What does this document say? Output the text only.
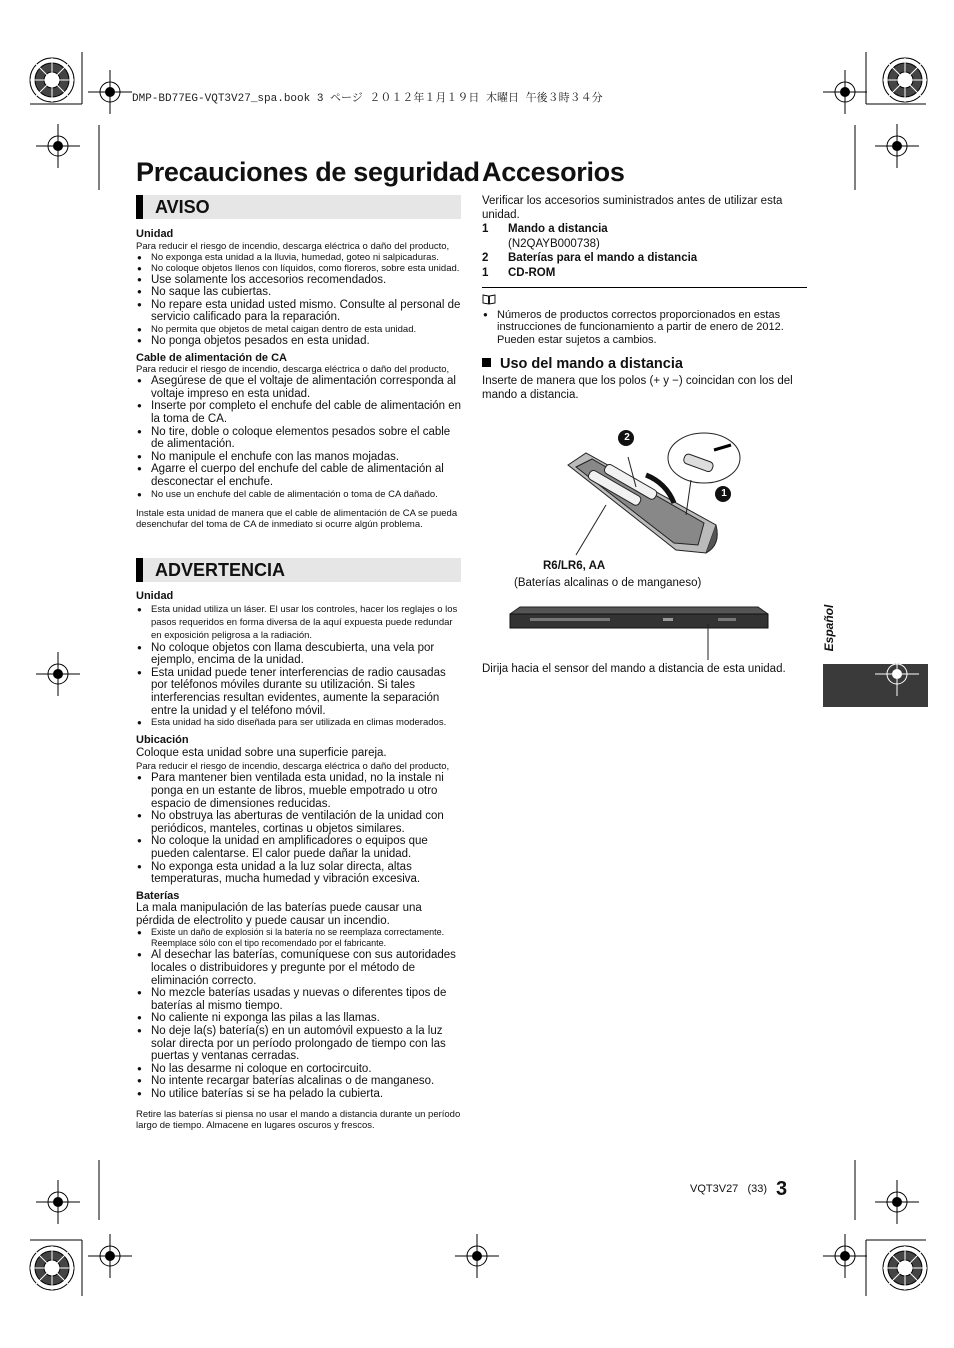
DMP-BD77EG-VQT3V27_spa.book 3 ページ ２０１２年１月１９日 木曜日 午後３時３４分
Precauciones de seguridad Accesorios
AVISO
Unidad
Para reducir el riesgo de incendio, descarga eléctrica o daño del producto,
● No exponga esta unidad a la lluvia, humedad, goteo ni salpicaduras.
● No coloque objetos llenos con líquidos, como floreros, sobre esta unidad.
● Use solamente los accesorios recomendados.
● No saque las cubiertas.
● No repare esta unidad usted mismo. Consulte al personal de servicio calificado para la reparación.
● No permita que objetos de metal caigan dentro de esta unidad.
● No ponga objetos pesados en esta unidad.
Cable de alimentación de CA
Para reducir el riesgo de incendio, descarga eléctrica o daño del producto,
● Asegúrese de que el voltaje de alimentación corresponda al voltaje impreso en esta unidad.
● Inserte por completo el enchufe del cable de alimentación en la toma de CA.
● No tire, doble o coloque elementos pesados sobre el cable de alimentación.
● No manipule el enchufe con las manos mojadas.
● Agarre el cuerpo del enchufe del cable de alimentación al desconectar el enchufe.
● No use un enchufe del cable de alimentación o toma de CA dañado.
Instale esta unidad de manera que el cable de alimentación de CA se pueda desenchufar del toma de CA de inmediato si ocurre algún problema.
ADVERTENCIA
Unidad
● Esta unidad utiliza un láser. El usar los controles, hacer los reglajes o los pasos requeridos en forma diversa de la aquí expuesta puede redundar en exposición peligrosa a la radiación.
● No coloque objetos con llama descubierta, una vela por ejemplo, encima de la unidad.
● Esta unidad puede tener interferencias de radio causadas por teléfonos móviles durante su utilización. Si tales interferencias resultan evidentes, aumente la separación entre la unidad y el teléfono móvil.
● Esta unidad ha sido diseñada para ser utilizada en climas moderados.
Ubicación
Coloque esta unidad sobre una superficie pareja.
Para reducir el riesgo de incendio, descarga eléctrica o daño del producto,
● Para mantener bien ventilada esta unidad, no la instale ni ponga en un estante de libros, mueble empotrado u otro espacio de dimensiones reducidas.
● No obstruya las aberturas de ventilación de la unidad con periódicos, manteles, cortinas u objetos similares.
● No coloque la unidad en amplificadores o equipos que pueden calentarse. El calor puede dañar la unidad.
● No exponga esta unidad a la luz solar directa, altas temperaturas, mucha humedad y vibración excesiva.
Baterías
La mala manipulación de las baterías puede causar una pérdida de electrolito y puede causar un incendio.
● Existe un daño de explosión si la batería no se reemplaza correctamente. Reemplace sólo con el tipo recomendado por el fabricante.
● Al desechar las baterías, comuníquese con sus autoridades locales o distribuidores y pregunte por el método de eliminación correcto.
● No mezcle baterías usadas y nuevas o diferentes tipos de baterías al mismo tiempo.
● No caliente ni exponga las pilas a las llamas.
● No deje la(s) batería(s) en un automóvil expuesto a la luz solar directa por un período prolongado de tiempo con las puertas y ventanas cerradas.
● No las desarme ni coloque en cortocircuito.
● No intente recargar baterías alcalinas o de manganeso.
● No utilice baterías si se ha pelado la cubierta.
Retire las baterías si piensa no usar el mando a distancia durante un período largo de tiempo. Almacene en lugares oscuros y frescos.
Verificar los accesorios suministrados antes de utilizar esta unidad.
1	Mando a distancia
(N2QAYB000738)
2	Baterías para el mando a distancia
1	CD-ROM
● Números de productos correctos proporcionados en estas instrucciones de funcionamiento a partir de enero de 2012. Pueden estar sujetos a cambios.
Uso del mando a distancia
Inserte de manera que los polos (+ y −) coincidan con los del mando a distancia.
2
1
R6/LR6, AA
(Baterías alcalinas o de manganeso)
Dirija hacia el sensor del mando a distancia de esta unidad.
Español
VQT3V27 (33) 3
